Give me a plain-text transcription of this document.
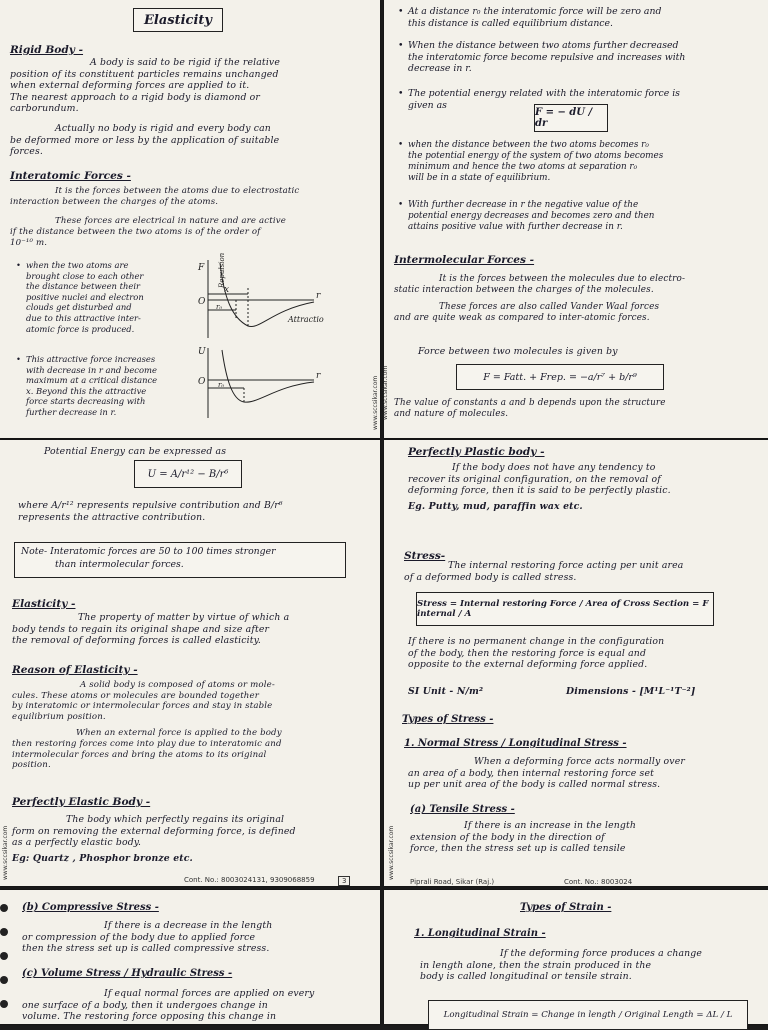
Elasticity
Rigid Body -

A body is said to be rigid if the relative

position of its constituent particles remains unchanged

when external deforming forces are applied to it.

The nearest approach to a rigid body is diamond or

carborundum.

Actually no body is rigid and every body can

be deformed more or less by the application of suitable

forces.

Interatomic Forces -

It is the forces between the atoms due to electrostatic

interaction between the charges of the atoms.

These forces are electrical in nature and are active

if the distance between the two atoms is of the order of

10⁻¹⁰ m.

• when the two atoms are

brought close to each other

the distance between their

positive nuclei and electron

clouds get disturbed and

due to this attractive inter-

atomic force is produced.

• This attractive force increases

with decrease in r and become

maximum at a critical distance

x. Beyond this the attractive

force starts decreasing with

further decrease in r.

F
O
x
r
r₀
Attractio
U
O
r
r₀
Repulsion
www.sccsikar.com

• At a distance r₀ the interatomic force will be zero and

this distance is called equilibrium distance.

• When the distance between two atoms further decreased

the interatomic force become repulsive and increases with

decrease in r.

• The potential energy related with the interatomic force is

given as

F = − dU / dr

• when the distance between the two atoms becomes r₀

the potential energy of the system of two atoms becomes

minimum and hence the two atoms at separation r₀

will be in a state of equilibrium.

• With further decrease in r the negative value of the

potential energy decreases and becomes zero and then

attains positive value with further decrease in r.

Intermolecular Forces -

It is the forces between the molecules due to electro-

static interaction between the charges of the molecules.

These forces are also called Vander Waal forces

and are quite weak as compared to inter-atomic forces.

Force between two molecules is given by
F = Fatt. + Frep. = −a/r⁷ + b/r⁹

The value of constants a and b depends upon the structure

and nature of molecules.

www.sccsikar.com
Potential Energy can be expressed as
U = A/r¹² − B/r⁶

where A/r¹² represents repulsive contribution and B/r⁶

represents the attractive contribution.

Note- Interatomic forces are 50 to 100 times stronger

than intermolecular forces.

Elasticity -

The property of matter by virtue of which a

body tends to regain its original shape and size after

the removal of deforming forces is called elasticity.

Reason of Elasticity -

A solid body is composed of atoms or mole-

cules. These atoms or molecules are bounded together

by interatomic or intermolecular forces and stay in stable

equilibrium position.

When an external force is applied to the body

then restoring forces come into play due to interatomic and

intermolecular forces and bring the atoms to its original

position.

Perfectly Elastic Body -

The body which perfectly regains its original

form on removing the external deforming force, is defined

as a perfectly elastic body.

Eg: Quartz , Phosphor bronze etc.

Cont. No.: 8003024131, 9309068859	3
www.sccsikar.com
Perfectly Plastic body -

If the body does not have any tendency to

recover its original configuration, on the removal of

deforming force, then it is said to be perfectly plastic.

Eg. Putty, mud, paraffin wax etc.

Stress-

The internal restoring force acting per unit area

of a deformed body is called stress.

Stress = Internal restoring Force / Area of Cross Section = F internal / A

If there is no permanent change in the configuration

of the body, then the restoring force is equal and

opposite to the external deforming force applied.

SI Unit - N/m²	Dimensions - [M¹L⁻¹T⁻²]
Types of Stress -
1. Normal Stress / Longitudinal Stress -

When a deforming force acts normally over

an area of a body, then internal restoring force set

up per unit area of the body is called normal stress.

(a) Tensile Stress -

If there is an increase in the length

extension of the body in the direction of

force, then the stress set up is called tensile

Piprali Road, Sikar (Raj.)	Cont. No.: 8003024
www.sccsikar.com
(b) Compressive Stress -

If there is a decrease in the length

or compression of the body due to applied force

then the stress set up is called compressive stress.

(c) Volume Stress / Hydraulic Stress -

If equal normal forces are applied on every

one surface of a body, then it undergoes change in

volume. The restoring force opposing this change in

Types of Strain -
1. Longitudinal Strain -

If the deforming force produces a change

in length alone, then the strain produced in the

body is called longitudinal or tensile strain.

Longitudinal Strain = Change in length / Original Length = ΔL / L
